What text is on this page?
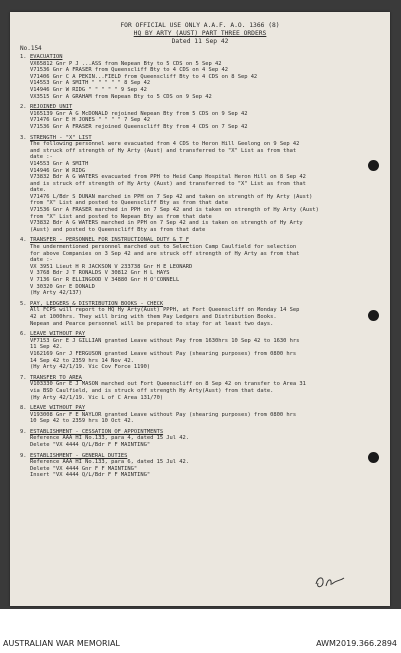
FOR OFFICIAL USE ONLY A.A.F. A.O. 1366 (8)
HQ BY ARTY (AUST) PART THREE ORDERS
Dated 11 Sep 42
No.154
1. EVACUATION
VX65812 Gnr P J ...ASS from Nepean Bty to 5 CDS on 5 Sep 42
V71536 Gnr A FRASER from Queenscliff Bty to 4 CDS on 4 Sep 42
V71406 Gnr C A PEKIN...FIELD from Queenscliff Bty to 4 CDS on 8 Sep 42
V14553 Gnr A SMITH " " " " " 8 Sep 42
V14946 Gnr W RIDG " " " " " 9 Sep 42
VX3515 Gnr A GRAHAM from Nepean Bty to 5 CDS on 9 Sep 42
2. REJOINED UNIT
V165139 Gnr A G McDONALD rejoined Nepean Bty from 5 CDS on 9 Sep 42
V71476 Gnr E H JONES " " " " 7 Sep 42
V71536 Gnr A FRASER rejoined Queenscliff Bty from 4 CDS on 7 Sep 42
3. STRENGTH - "X" LIST
The following personnel were evacuated from 4 CDS to Heron Hill Geelong on 9 Sep 42
and struck off strength of Hy Arty (Aust) and transferred to "X" List as from that
date :-
V14553 Gnr A SMITH
V14946 Gnr W RIDG
V73832 Bdr A G WATERS evacuated from PPH to Heid Camp Hospital Heron Hill on 8 Sep 42
and is struck off strength of Hy Arty (Aust) and transferred to "X" List as from that
date.
V71476 L/Bdr S DUNAN marched in PPH on 7 Sep 42 and taken on strength of Hy Arty (Aust)
from "X" List and posted to Queenscliff Bty as from that date
V71536 Gnr A FRASER marched in PPH on 7 Sep 42 and is taken on strength of Hy Arty (Aust)
from "X" List and posted to Nepean Bty as from that date
V73832 Bdr A G WATERS marched in PPH on 7 Sep 42 and is taken on strength of Hy Arty
(Aust) and posted to Queenscliff Bty as from that date
4. TRANSFER - PERSONNEL FOR INSTRUCTIONAL DUTY & T F
The undermentioned personnel marched out to Selection Camp Caulfield for selection
for above Companies on 3 Sep 42 and are struck off strength of Hy Arty as from that
date :-
VX 3951 Lieut H R JACKSON V 233738 Gnr H E LEONARD
V 3768 Bdr J T RONALDS V 30812 Gnr H L HAYS
V 7136 Gnr R ELLINGOOD V 34880 Gnr H O'CONNELL
V 30320 Gnr E DONALD
(Hy Arty 42/137)
5. PAY, LEDGERS & DISTRIBUTION BOOKS - CHECK
All FCPS will report to HQ Hy Arty(Aust) PPPH, at Fort Queenscliff on Monday 14 Sep
42 at 1000hrs. They will bring with them Pay Ledgers and Distribution Books.
Nepean and Pearce personnel will be prepared to stay for at least two days.
6. LEAVE WITHOUT PAY
VF7153 Gnr E J GILLIAN granted Leave without Pay from 1630hrs 10 Sep 42 to 1630 hrs
11 Sep 42.
V162169 Gnr J FERGUSON granted Leave without Pay (shearing purposes) from 0800 hrs
14 Sep 42 to 2359 hrs 14 Nov 42.
(Hy Arty 42/1/19. Vic Cov Force 1190)
7. TRANSFER TO AREA
V103330 Gnr E J MASON marched out Fort Queenscliff on 8 Sep 42 on transfer to Area 31
via BSD Caulfield, and is struck off strength Hy Arty(Aust) from that date.
(Hy Arty 42/1/19. Vic L of C Area 131/70)
8. LEAVE WITHOUT PAY
V193008 Gnr F E NAYLOR granted Leave without Pay (shearing purposes) from 0800 hrs
10 Sep 42 to 2359 hrs 10 Oct 42.
9. ESTABLISHMENT - CESSATION OF APPOINTMENTS
Reference AAA HI No.133, para 4, dated 15 Jul 42.
Delete "VX 4444 Q/L/Bdr F F MAINTING"
9. ESTABLISHMENT - GENERAL DUTIES
Reference AAA HI No.133, para 6, dated 15 Jul 42.
Delete "VX 4444 Gnr F F MAINTING"
Insert "VX 4444 Q/L/Bdr F F MAINTING"
AUSTRALIAN WAR MEMORIAL	AWM2019.366.2894
